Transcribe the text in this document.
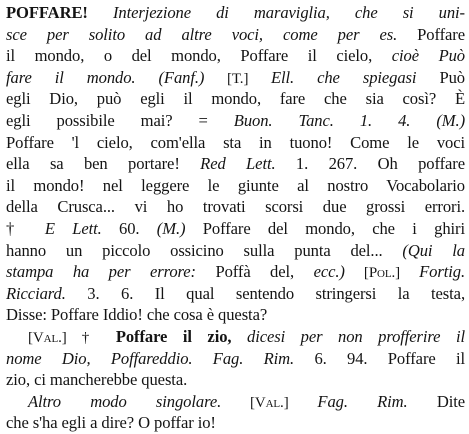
POFFARE! Interjezione di maraviglia, che si uni-
sce per solito ad altre voci, come per es. Poffare
il mondo, o del mondo, Poffare il cielo, cioè Può
fare il mondo. (Fanf.) [T.] Ell. che spiegasi Può
egli Dio, può egli il mondo, fare che sia così? È
egli possibile mai? = Buon. Tanc. 1. 4. (M.)
Poffare 'l cielo, com'ella sta in tuono! Come le voci
ella sa ben portare! Red Lett. 1. 267. Oh poffare
il mondo! nel leggere le giunte al nostro Vocabolario
della Crusca... vi ho trovati scorsi due grossi errori.
† E Lett. 60. (M.) Poffare del mondo, che i ghiri
hanno un piccolo ossicino sulla punta del... (Qui la
stampa ha per errore: Poffà del, ecc.) [Pol.] Fortig.
Ricciard. 3. 6. Il qual sentendo stringersi la testa,
Disse: Poffare Iddio! che cosa è questa?
[Val.] † Poffare il zio, dicesi per non profferire il
nome Dio, Poffareddio. Fag. Rim. 6. 94. Poffare il
zio, ci mancherebbe questa.
Altro modo singolare. [Val.] Fag. Rim. Dite
che s'ha egli a dire? O poffar io!
